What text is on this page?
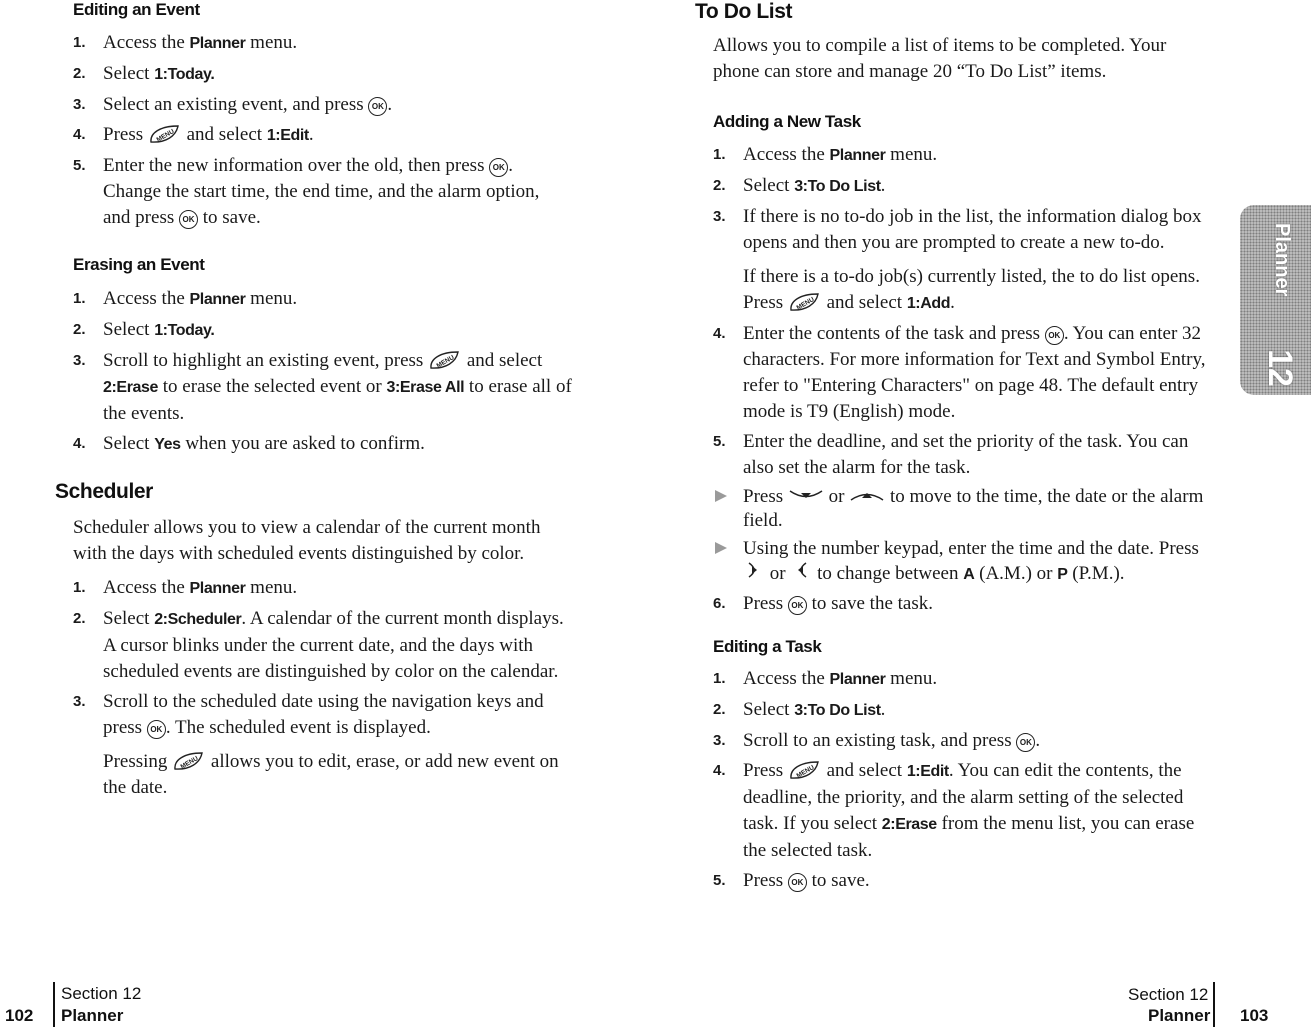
Editing an Event

1. Access the Planner menu.
2. Select 1:Today.
3. Select an existing event, and press OK .
4. Press  and select 1:Edit.
5. Enter the new information over the old, then press OK .
Change the start time, the end time, and the alarm option,
and press OK to save.

Erasing an Event

1. Access the Planner menu.
2. Select 1:Today.
3. Scroll to highlight an existing event, press  and select
2:Erase to erase the selected event or 3:Erase All to erase all of
the events.
4. Select Yes when you are asked to confirm.

Scheduler

Scheduler allows you to view a calendar of the current month with the days with scheduled events distinguished by color.

1. Access the Planner menu.
2. Select 2:Scheduler. A calendar of the current month displays. A cursor blinks under the current date, and the days with scheduled events are distinguished by color on the calendar.
3. Scroll to the scheduled date using the navigation keys and
press OK . The scheduled event is displayed.
Pressing  allows you to edit, erase, or add new event on the date.

To Do List

Allows you to compile a list of items to be completed. Your phone can store and manage 20 “To Do List” items.

Adding a New Task

1. Access the Planner menu.
2. Select 3:To Do List.
3. If there is no to-do job in the list, the information dialog box opens and then you are prompted to create a new to-do.
If there is a to-do job(s) currently listed, the to do list opens.
Press  and select 1:Add.
4. Enter the contents of the task and press OK . You can enter 32 characters. For more information for Text and Symbol Entry, refer to "Entering Characters" on page 48. The default entry mode is T9 (English) mode.
5. Enter the deadline, and set the priority of the task. You can also set the alarm for the task.
Press  or  to move to the time, the date or the alarm field.
Using the number keypad, enter the time and the date. Press
or  to change between A (A.M.) or P (P.M.).
6. Press OK to save the task.

Editing a Task

1. Access the Planner menu.
2. Select 3:To Do List.
3. Scroll to an existing task, and press OK .
4. Press  and select 1:Edit. You can edit the contents, the deadline, the priority, and the alarm setting of the selected task. If you select 2:Erase from the menu list, you can erase the selected task.
5. Press OK to save.
Planner
12
102
Section 12
Planner
Section 12
Planner 103
